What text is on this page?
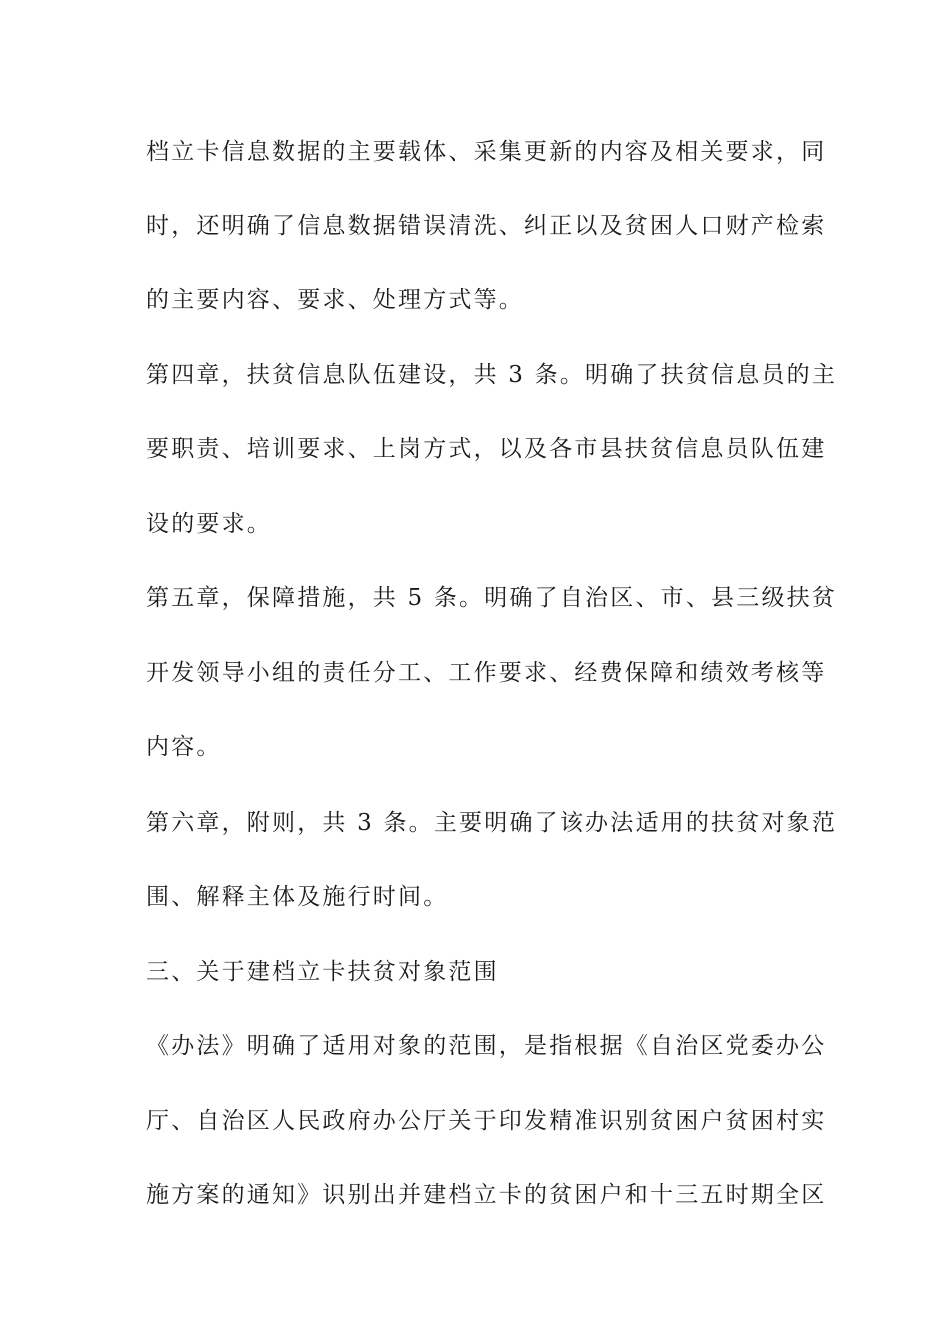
档立卡信息数据的主要载体、采集更新的内容及相关要求，同
时，还明确了信息数据错误清洗、纠正以及贫困人口财产检索
的主要内容、要求、处理方式等。
第四章，扶贫信息队伍建设，共 3 条。明确了扶贫信息员的主
要职责、培训要求、上岗方式，以及各市县扶贫信息员队伍建
设的要求。
第五章，保障措施，共 5 条。明确了自治区、市、县三级扶贫
开发领导小组的责任分工、工作要求、经费保障和绩效考核等
内容。
第六章，附则，共 3 条。主要明确了该办法适用的扶贫对象范
围、解释主体及施行时间。
三、关于建档立卡扶贫对象范围
《办法》明确了适用对象的范围，是指根据《自治区党委办公
厅、自治区人民政府办公厅关于印发精准识别贫困户贫困村实
施方案的通知》识别出并建档立卡的贫困户和十三五时期全区
